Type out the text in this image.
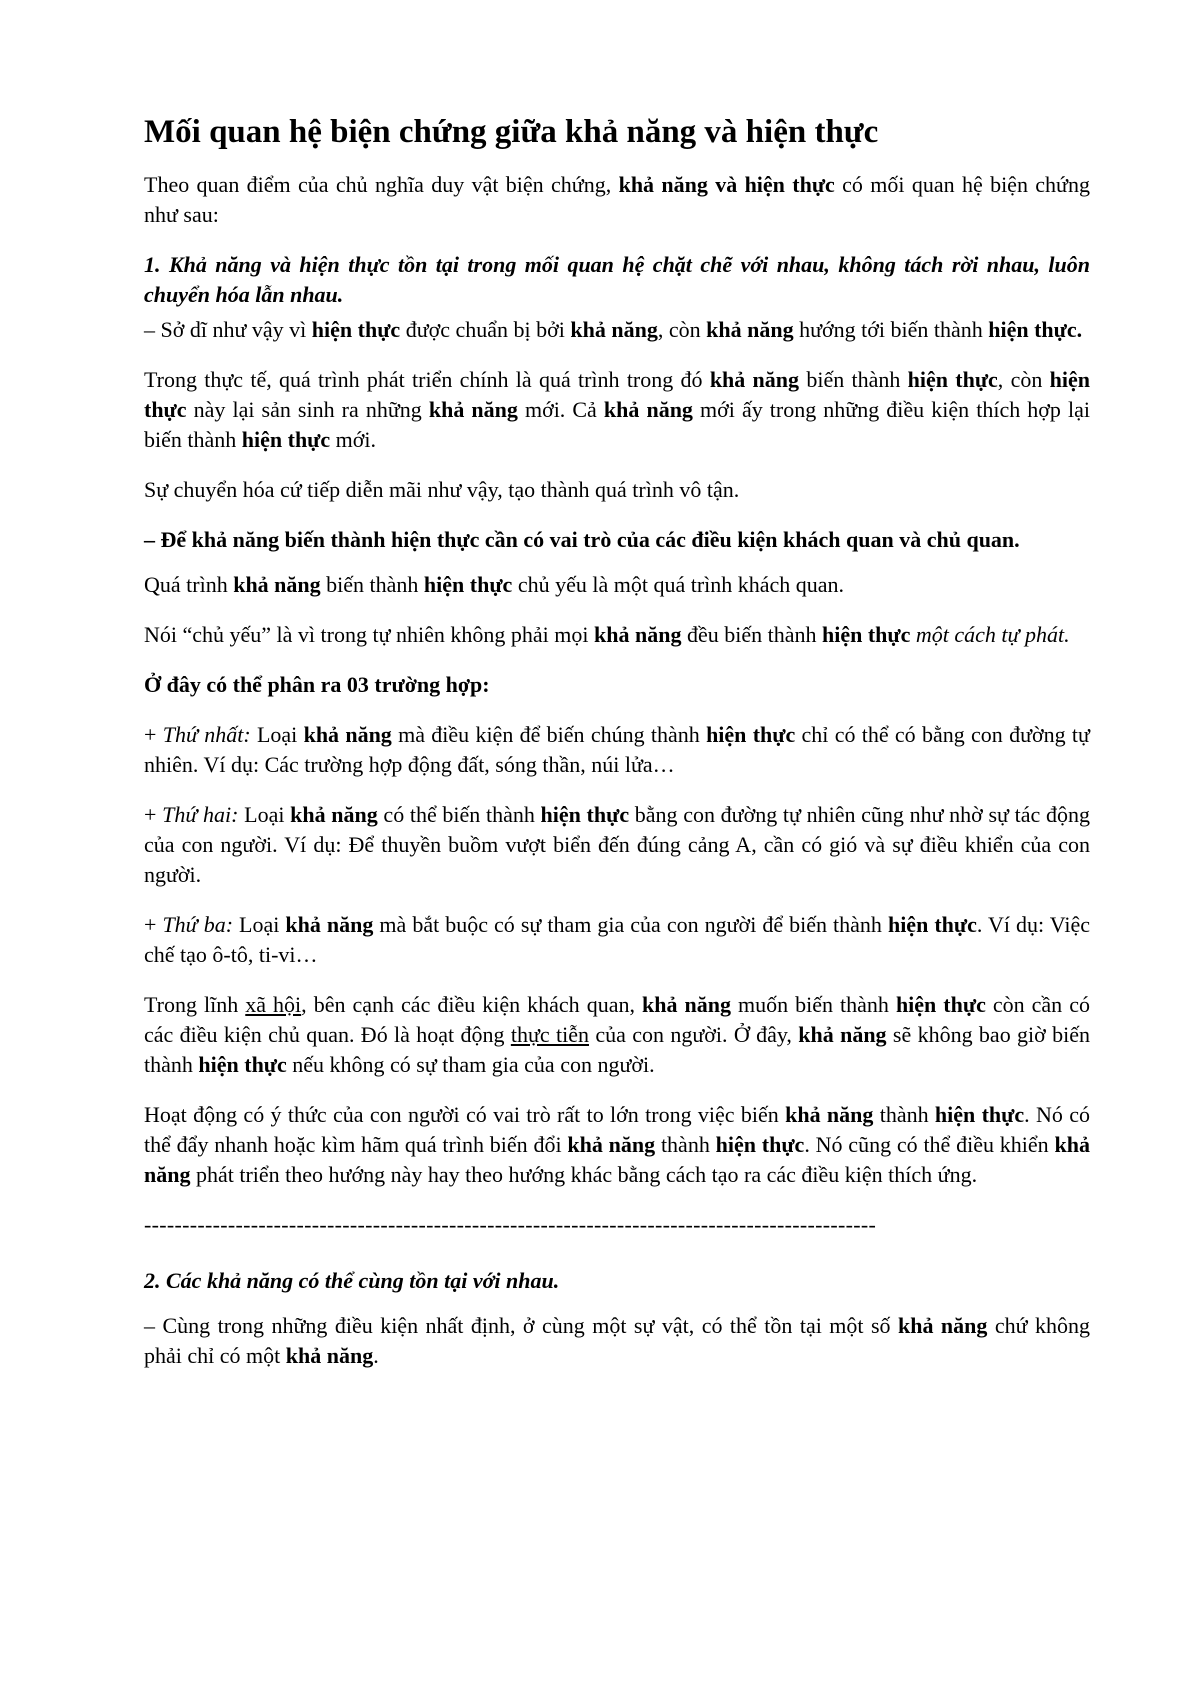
Mối quan hệ biện chứng giữa khả năng và hiện thực

Theo quan điểm của chủ nghĩa duy vật biện chứng, khả năng và hiện thực có mối quan hệ biện chứng như sau:

1. Khả năng và hiện thực tồn tại trong mối quan hệ chặt chẽ với nhau, không tách rời nhau, luôn chuyển hóa lẫn nhau.

– Sở dĩ như vậy vì hiện thực được chuẩn bị bởi khả năng, còn khả năng hướng tới biến thành hiện thực.

Trong thực tế, quá trình phát triển chính là quá trình trong đó khả năng biến thành hiện thực, còn hiện thực này lại sản sinh ra những khả năng mới. Cả khả năng mới ấy trong những điều kiện thích hợp lại biến thành hiện thực mới.

Sự chuyển hóa cứ tiếp diễn mãi như vậy, tạo thành quá trình vô tận.

– Để khả năng biến thành hiện thực cần có vai trò của các điều kiện khách quan và chủ quan.

Quá trình khả năng biến thành hiện thực chủ yếu là một quá trình khách quan.

Nói “chủ yếu” là vì trong tự nhiên không phải mọi khả năng đều biến thành hiện thực một cách tự phát.

Ở đây có thể phân ra 03 trường hợp:

+ Thứ nhất: Loại khả năng mà điều kiện để biến chúng thành hiện thực chỉ có thể có bằng con đường tự nhiên. Ví dụ: Các trường hợp động đất, sóng thần, núi lửa…

+ Thứ hai: Loại khả năng có thể biến thành hiện thực bằng con đường tự nhiên cũng như nhờ sự tác động của con người. Ví dụ: Để thuyền buồm vượt biển đến đúng cảng A, cần có gió và sự điều khiển của con người.

+ Thứ ba: Loại khả năng mà bắt buộc có sự tham gia của con người để biến thành hiện thực. Ví dụ: Việc chế tạo ô-tô, ti-vi…

Trong lĩnh xã hội, bên cạnh các điều kiện khách quan, khả năng muốn biến thành hiện thực còn cần có các điều kiện chủ quan. Đó là hoạt động thực tiễn của con người. Ở đây, khả năng sẽ không bao giờ biến thành hiện thực nếu không có sự tham gia của con người.

Hoạt động có ý thức của con người có vai trò rất to lớn trong việc biến khả năng thành hiện thực. Nó có thể đẩy nhanh hoặc kìm hãm quá trình biến đổi khả năng thành hiện thực. Nó cũng có thể điều khiển khả năng phát triển theo hướng này hay theo hướng khác bằng cách tạo ra các điều kiện thích ứng.

------------------------------------------------------------------------------------------------

2. Các khả năng có thể cùng tồn tại với nhau.

– Cùng trong những điều kiện nhất định, ở cùng một sự vật, có thể tồn tại một số khả năng chứ không phải chỉ có một khả năng.
